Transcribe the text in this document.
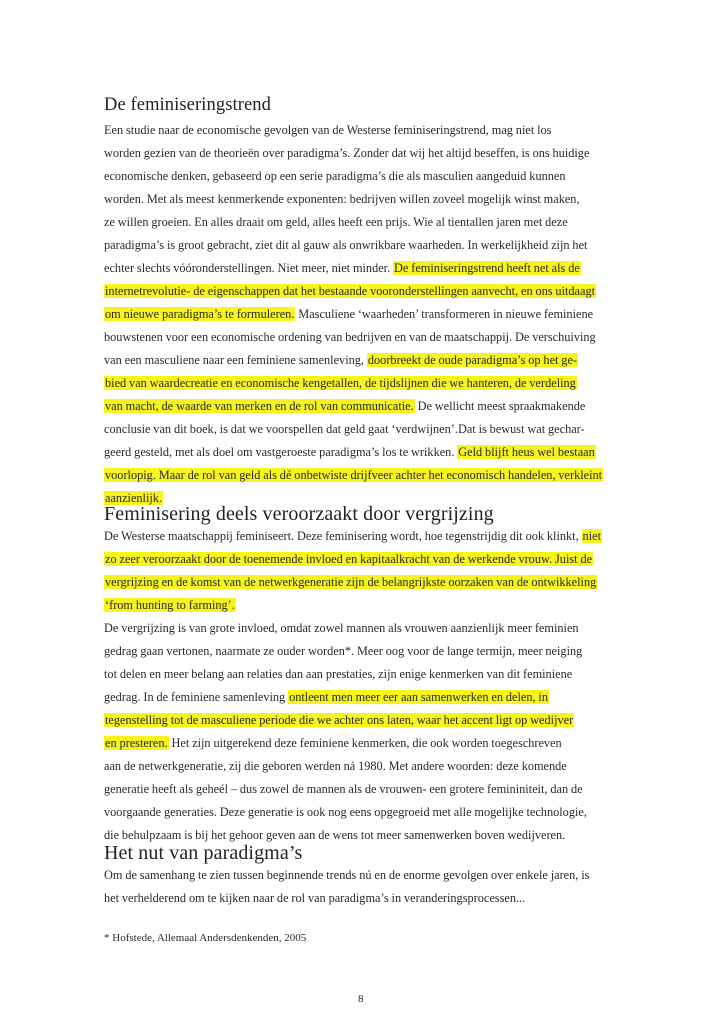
De feminiseringstrend

Een studie naar de economische gevolgen van de Westerse feminiseringstrend, mag niet los
worden gezien van de theorieën over paradigma’s. Zonder dat wij het altijd beseffen, is ons huidige
economische denken, gebaseerd op een serie paradigma’s die als masculien aangeduid kunnen
worden. Met als meest kenmerkende exponenten: bedrijven willen zoveel mogelijk winst maken,
ze willen groeien. En alles draait om geld, alles heeft een prijs. Wie al tientallen jaren met deze
paradigma’s is groot gebracht, ziet dit al gauw als onwrikbare waarheden. In werkelijkheid zijn het
echter slechts vóóronderstellingen. Niet meer, niet minder. De feminiseringstrend heeft net als de
internetrevolutie- de eigenschappen dat het bestaande vooronderstellingen aanvecht, en ons uitdaagt
om nieuwe paradigma’s te formuleren. Masculiene ‘waarheden’ transformeren in nieuwe feminiene
bouwstenen voor een economische ordening van bedrijven en van de maatschappij. De verschuiving
van een masculiene naar een feminiene samenleving, doorbreekt de oude paradigma’s op het ge-
bied van waardecreatie en economische kengetallen, de tijdslijnen die we hanteren, de verdeling
van macht, de waarde van merken en de rol van communicatie. De wellicht meest spraakmakende
conclusie van dit boek, is dat we voorspellen dat geld gaat ‘verdwijnen’.Dat is bewust wat gechar-
geerd gesteld, met als doel om vastgeroeste paradigma’s los te wrikken. Geld blijft heus wel bestaan
voorlopig. Maar de rol van geld als dé onbetwiste drijfveer achter het economisch handelen, verkleint
aanzienlijk.

Feminisering deels veroorzaakt door vergrijzing

De Westerse maatschappij feminiseert. Deze feminisering wordt, hoe tegenstrijdig dit ook klinkt, niet
zo zeer veroorzaakt door de toenemende invloed en kapitaalkracht van de werkende vrouw. Juist de
vergrijzing en de komst van de netwerkgeneratie zijn de belangrijkste oorzaken van de ontwikkeling
‘from hunting to farming’.
De vergrijzing is van grote invloed, omdat zowel mannen als vrouwen aanzienlijk meer feminien
gedrag gaan vertonen, naarmate ze ouder worden*. Meer oog voor de lange termijn, meer neiging
tot delen en meer belang aan relaties dan aan prestaties, zijn enige kenmerken van dit feminiene
gedrag. In de feminiene samenleving ontleent men meer eer aan samenwerken en delen, in
tegenstelling tot de masculiene periode die we achter ons laten, waar het accent ligt op wedijver
en presteren. Het zijn uitgerekend deze feminiene kenmerken, die ook worden toegeschreven
aan de netwerkgeneratie, zij die geboren werden ná 1980. Met andere woorden: deze komende
generatie heeft als geheél – dus zowel de mannen als de vrouwen- een grotere femininiteit, dan de
voorgaande generaties. Deze generatie is ook nog eens opgegroeid met alle mogelijke technologie,
die behulpzaam is bij het gehoor geven aan de wens tot meer samenwerken boven wedijveren.

Het nut van paradigma’s

Om de samenhang te zien tussen beginnende trends nú en de enorme gevolgen over enkele jaren, is
het verhelderend om te kijken naar de rol van paradigma’s in veranderingsprocessen...

* Hofstede, Allemaal Andersdenkenden, 2005

8
